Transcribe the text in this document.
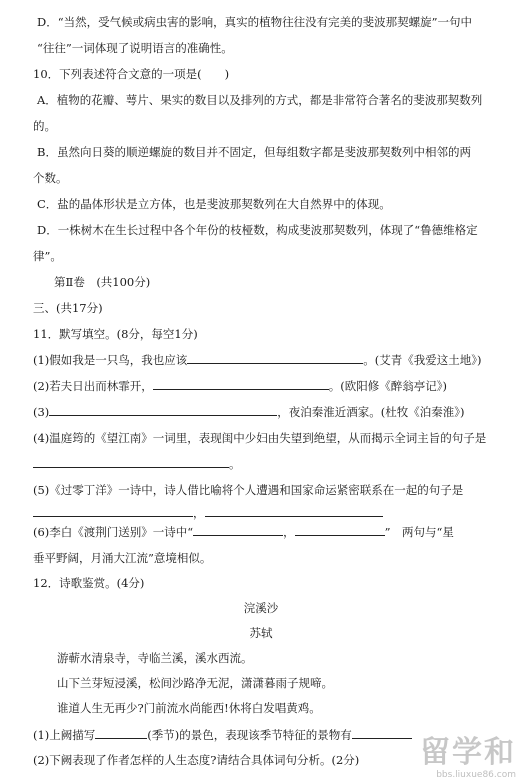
D．“当然，受气候或病虫害的影响，真实的植物往往没有完美的斐波那契螺旋”一句中
“往往”一词体现了说明语言的准确性。
10．下列表述符合文意的一项是(　　)
A．植物的花瓣、萼片、果实的数目以及排列的方式，都是非常符合著名的斐波那契数列
的。
B．虽然向日葵的顺逆螺旋的数目并不固定，但每组数字都是斐波那契数列中相邻的两
个数。
C．盐的晶体形状是立方体，也是斐波那契数列在大自然界中的体现。
D．一株树木在生长过程中各个年份的枝桠数，构成斐波那契数列，体现了“鲁德维格定
律”。
第Ⅱ卷　(共100分)
三、(共17分)
11．默写填空。(8分，每空1分)
(1)假如我是一只鸟，我也应该	。(艾青《我爱这土地》)
(2)若夫日出而林霏开，	。(欧阳修《醉翁亭记》)
(3)	，夜泊秦淮近酒家。(杜牧《泊秦淮》)
(4)温庭筠的《望江南》一词里，表现闺中少妇由失望到绝望，从而揭示全词主旨的句子是
。
(5)《过零丁洋》一诗中，诗人借比喻将个人遭遇和国家命运紧密联系在一起的句子是
，
(6)李白《渡荆门送别》一诗中“	，	”　两句与“星
垂平野阔，月涌大江流”意境相似。
12．诗歌鉴赏。(4分)
浣溪沙
苏轼
游蕲水清泉寺，寺临兰溪，溪水西流。
山下兰芽短浸溪，松间沙路净无泥，潇潇暮雨子规啼。
谁道人生无再少?门前流水尚能西!休将白发唱黄鸡。
(1)上阙描写	(季节)的景色，表现该季节特征的景物有
(2)下阙表现了作者怎样的人生态度?请结合具体词句分析。(2分) 留学和
bbs.liuxue86.com
